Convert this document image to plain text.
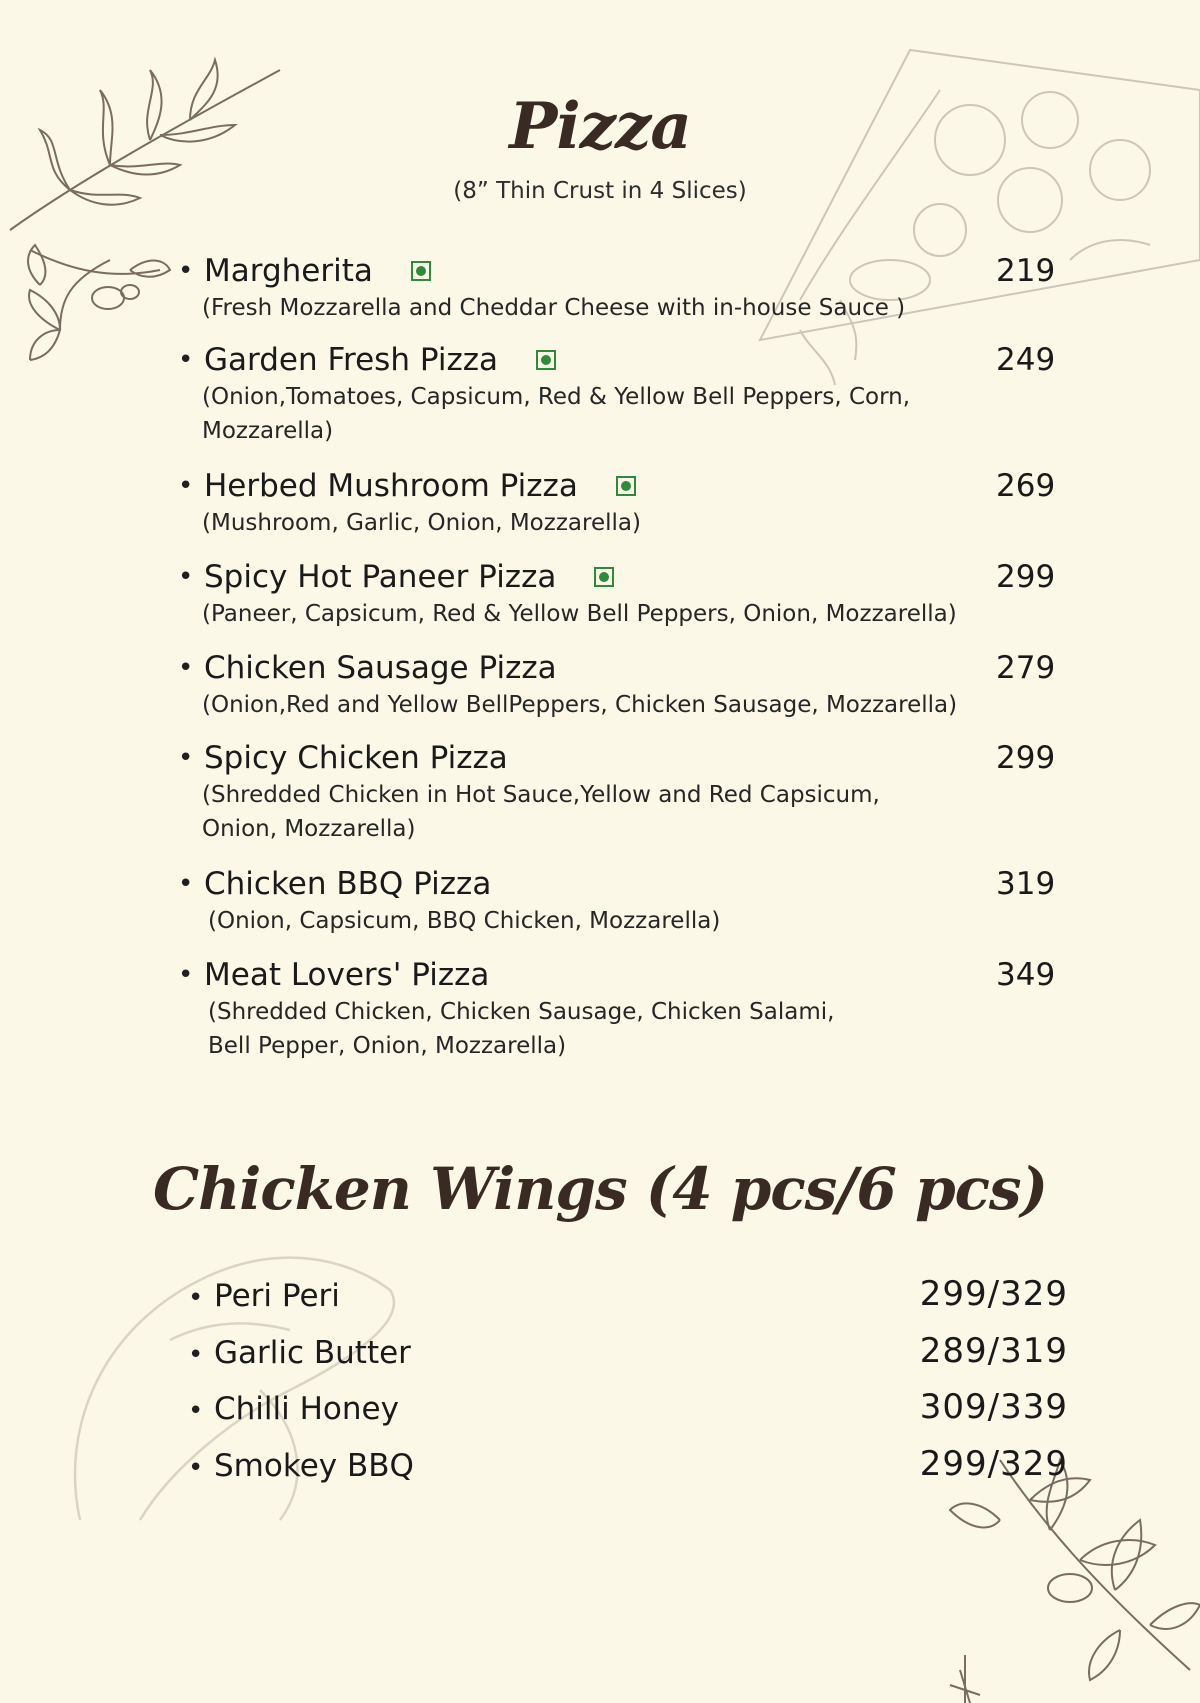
Pizza
(8” Thin Crust in 4 Slices)
• Margherita
(Fresh Mozzarella and Cheddar Cheese with in-house Sauce )
219
• Garden Fresh Pizza
(Onion,Tomatoes, Capsicum, Red & Yellow Bell Peppers, Corn, Mozzarella)
249
• Herbed Mushroom Pizza
(Mushroom, Garlic, Onion, Mozzarella)
269
• Spicy Hot Paneer Pizza
(Paneer, Capsicum, Red & Yellow Bell Peppers, Onion, Mozzarella)
299
• Chicken Sausage Pizza
(Onion,Red and Yellow BellPeppers, Chicken Sausage, Mozzarella)
279
• Spicy Chicken Pizza
(Shredded Chicken in Hot Sauce,Yellow and Red Capsicum, Onion, Mozzarella)
299
• Chicken BBQ Pizza
(Onion, Capsicum, BBQ Chicken, Mozzarella)
319
• Meat Lovers' Pizza
(Shredded Chicken, Chicken Sausage, Chicken Salami, Bell Pepper, Onion, Mozzarella)
349
Chicken Wings (4 pcs/6 pcs)
• Peri Peri	299/329
• Garlic Butter	289/319
• Chilli Honey	309/339
• Smokey BBQ	299/329
